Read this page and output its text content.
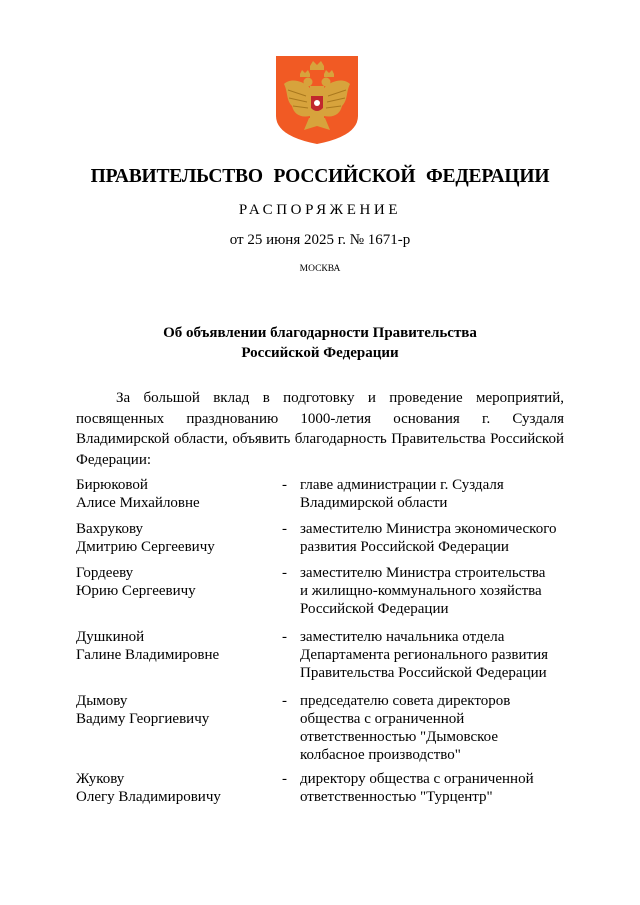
ПРАВИТЕЛЬСТВО РОССИЙСКОЙ ФЕДЕРАЦИИ
РАСПОРЯЖЕНИЕ
от 25 июня 2025 г. № 1671-р
МОСКВА
Об объявлении благодарности Правительства
Российской Федерации
За большой вклад в подготовку и проведение мероприятий, посвященных празднованию 1000-летия основания г. Суздаля Владимирской области, объявить благодарность Правительства Российской Федерации:
Бирюковой
Алисе Михайловне
- главе администрации г. Суздаля
Владимирской области
Вахрукову
Дмитрию Сергеевичу
- заместителю Министра экономического
развития Российской Федерации
Гордееву
Юрию Сергеевичу
- заместителю Министра строительства
и жилищно-коммунального хозяйства
Российской Федерации
Душкиной
Галине Владимировне
- заместителю начальника отдела
Департамента регионального развития
Правительства Российской Федерации
Дымову
Вадиму Георгиевичу
- председателю совета директоров
общества с ограниченной
ответственностью "Дымовское
колбасное производство"
Жукову
Олегу Владимировичу
- директору общества с ограниченной
ответственностью "Турцентр"
